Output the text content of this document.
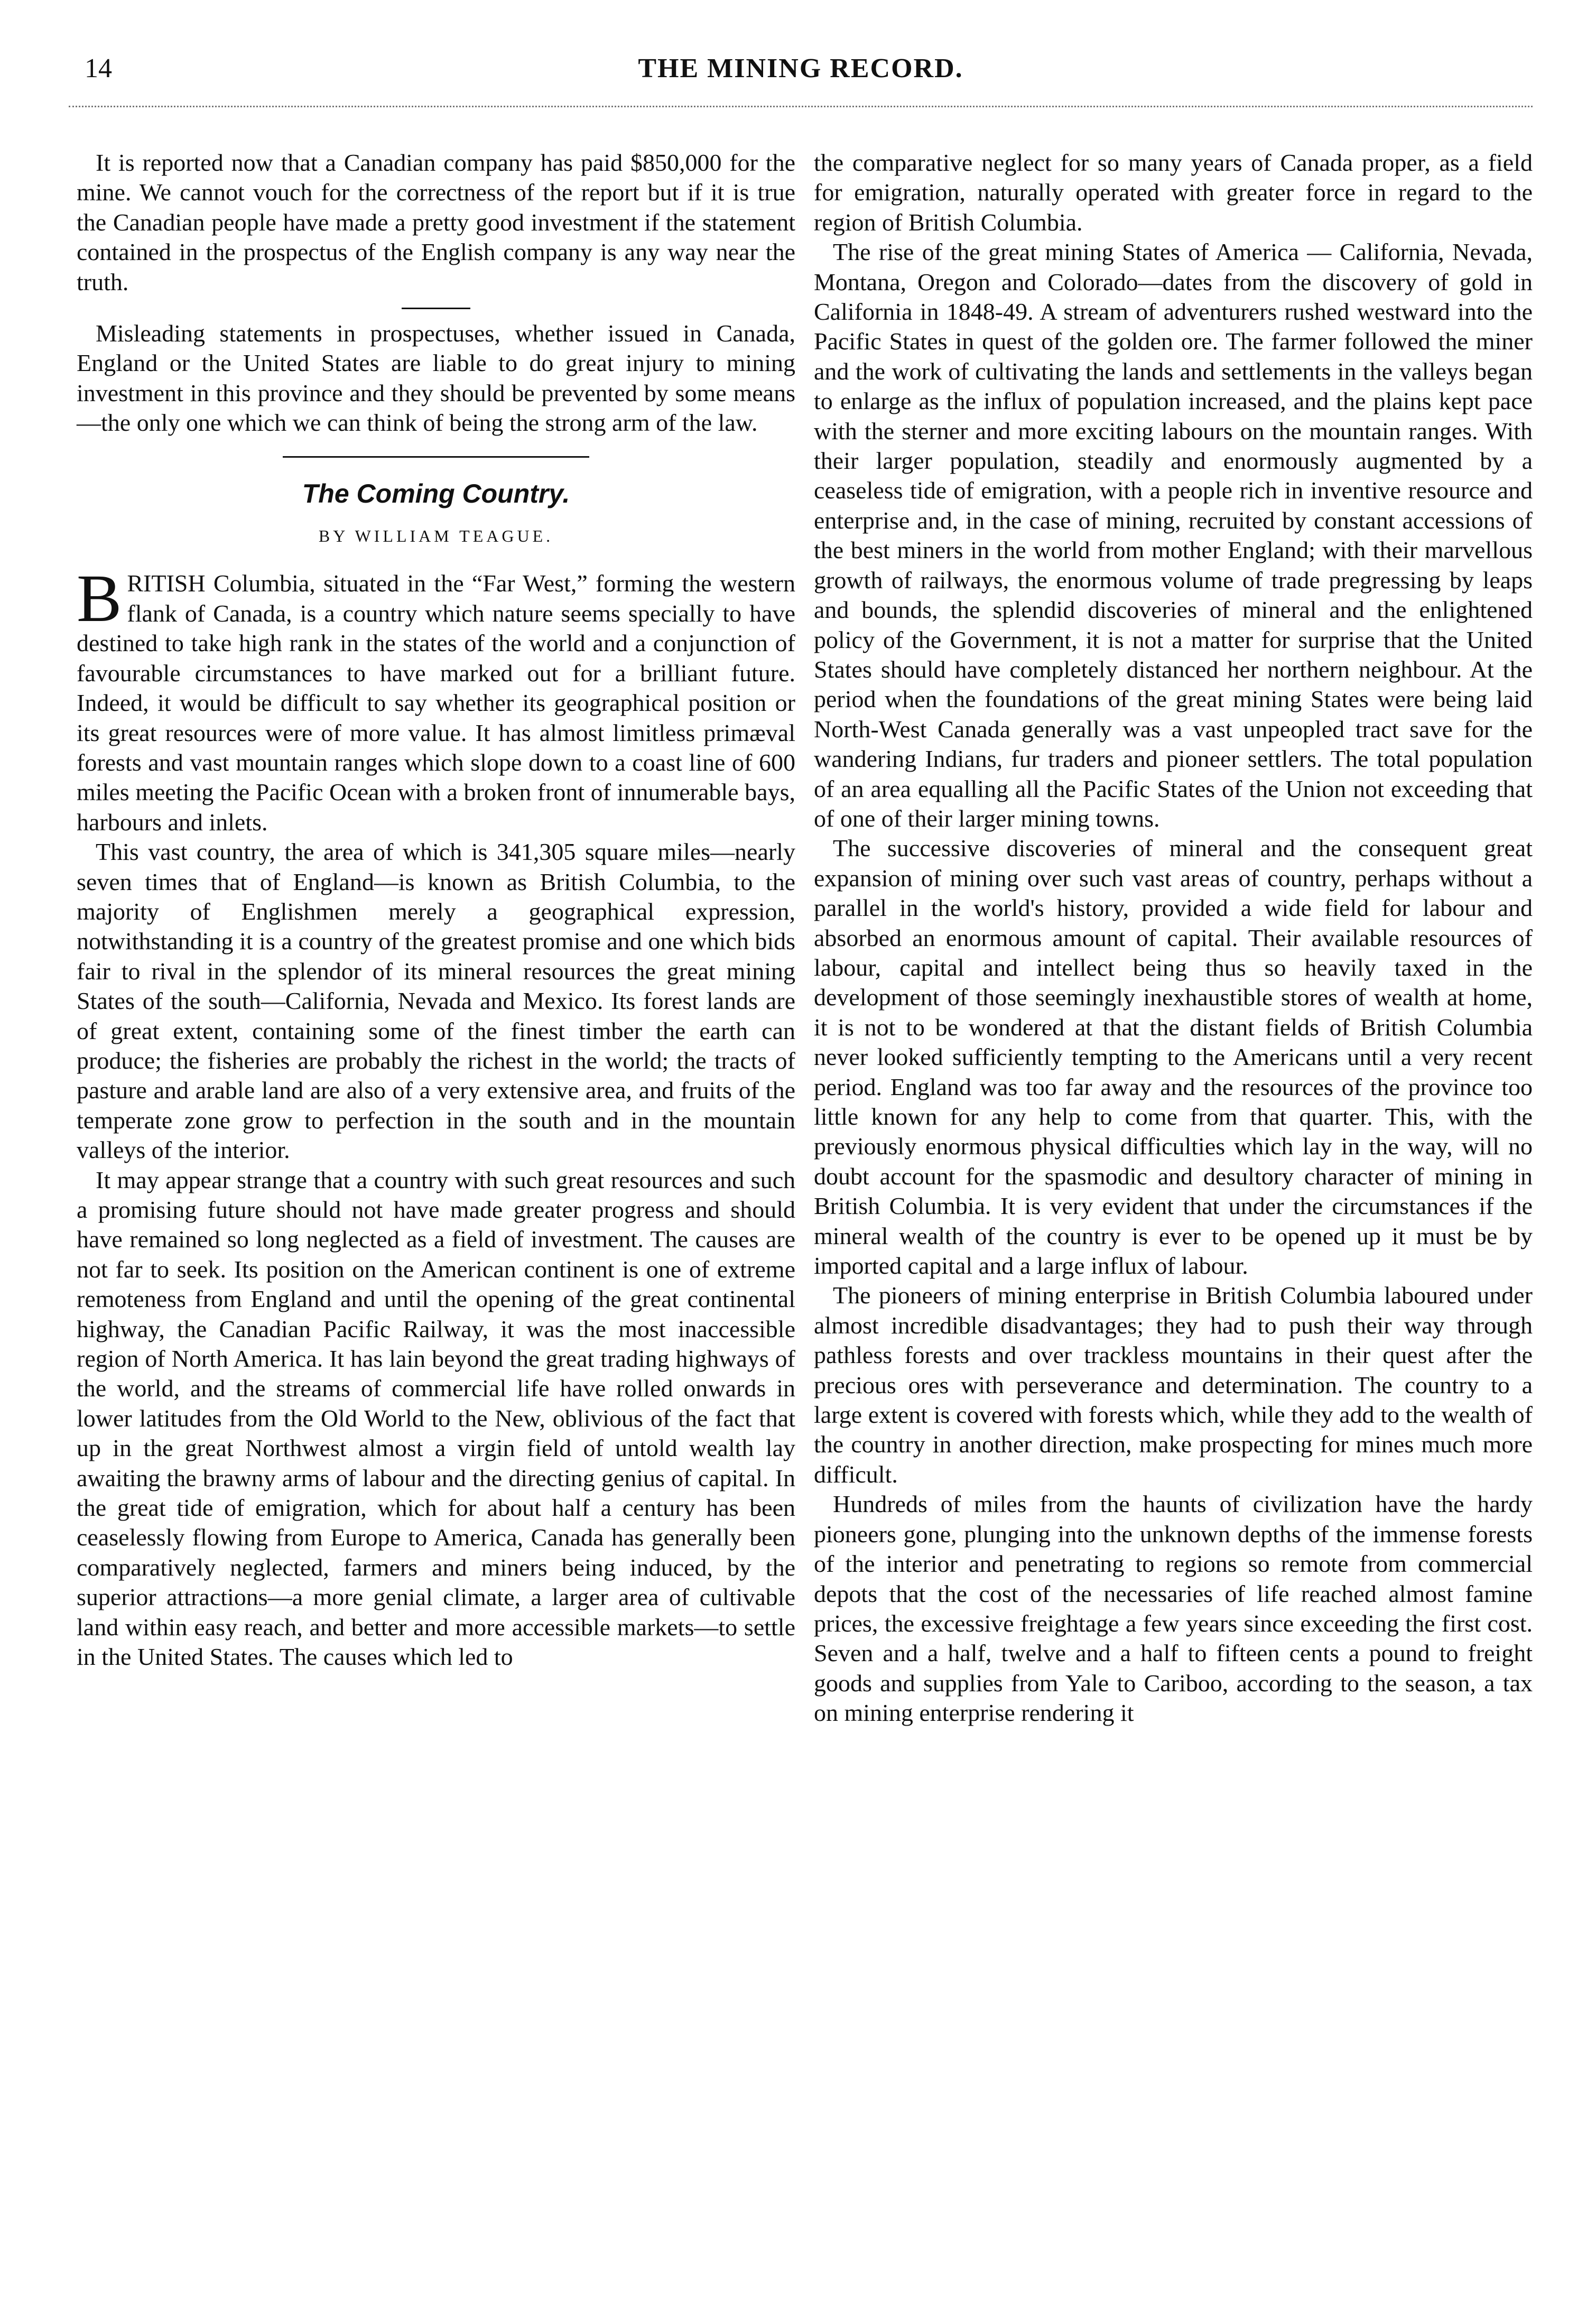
14	THE MINING RECORD.

It is reported now that a Canadian company has paid $850,000 for the mine. We cannot vouch for the correctness of the report but if it is true the Canadian people have made a pretty good investment if the statement contained in the prospectus of the English company is any way near the truth.

Misleading statements in prospectuses, whether issued in Canada, England or the United States are liable to do great injury to mining investment in this province and they should be prevented by some means—the only one which we can think of being the strong arm of the law.

The Coming Country.
BY WILLIAM TEAGUE.

BRITISH Columbia, situated in the “Far West,” forming the western flank of Canada, is a country which nature seems specially to have destined to take high rank in the states of the world and a conjunction of favourable circumstances to have marked out for a brilliant future. Indeed, it would be difficult to say whether its geographical position or its great resources were of more value. It has almost limitless primæval forests and vast mountain ranges which slope down to a coast line of 600 miles meeting the Pacific Ocean with a broken front of innumerable bays, harbours and inlets.

This vast country, the area of which is 341,305 square miles—nearly seven times that of England—is known as British Columbia, to the majority of Englishmen merely a geographical expression, notwithstanding it is a country of the greatest promise and one which bids fair to rival in the splendor of its mineral resources the great mining States of the south—California, Nevada and Mexico. Its forest lands are of great extent, containing some of the finest timber the earth can produce; the fisheries are probably the richest in the world; the tracts of pasture and arable land are also of a very extensive area, and fruits of the temperate zone grow to perfection in the south and in the mountain valleys of the interior.

It may appear strange that a country with such great resources and such a promising future should not have made greater progress and should have remained so long neglected as a field of investment. The causes are not far to seek. Its position on the American continent is one of extreme remoteness from England and until the opening of the great continental highway, the Canadian Pacific Railway, it was the most inaccessible region of North America. It has lain beyond the great trading highways of the world, and the streams of commercial life have rolled onwards in lower latitudes from the Old World to the New, oblivious of the fact that up in the great Northwest almost a virgin field of untold wealth lay awaiting the brawny arms of labour and the directing genius of capital. In the great tide of emigration, which for about half a century has been ceaselessly flowing from Europe to America, Canada has generally been comparatively neglected, farmers and miners being induced, by the superior attractions—a more genial climate, a larger area of cultivable land within easy reach, and better and more accessible markets—to settle in the United States. The causes which led to

the comparative neglect for so many years of Canada proper, as a field for emigration, naturally operated with greater force in regard to the region of British Columbia.

The rise of the great mining States of America — California, Nevada, Montana, Oregon and Colorado—dates from the discovery of gold in California in 1848-49. A stream of adventurers rushed westward into the Pacific States in quest of the golden ore. The farmer followed the miner and the work of cultivating the lands and settlements in the valleys began to enlarge as the influx of population increased, and the plains kept pace with the sterner and more exciting labours on the mountain ranges. With their larger population, steadily and enormously augmented by a ceaseless tide of emigration, with a people rich in inventive resource and enterprise and, in the case of mining, recruited by constant accessions of the best miners in the world from mother England; with their marvellous growth of railways, the enormous volume of trade pregressing by leaps and bounds, the splendid discoveries of mineral and the enlightened policy of the Government, it is not a matter for surprise that the United States should have completely distanced her northern neighbour. At the period when the foundations of the great mining States were being laid North-West Canada generally was a vast unpeopled tract save for the wandering Indians, fur traders and pioneer settlers. The total population of an area equalling all the Pacific States of the Union not exceeding that of one of their larger mining towns.

The successive discoveries of mineral and the consequent great expansion of mining over such vast areas of country, perhaps without a parallel in the world's history, provided a wide field for labour and absorbed an enormous amount of capital. Their available resources of labour, capital and intellect being thus so heavily taxed in the development of those seemingly inexhaustible stores of wealth at home, it is not to be wondered at that the distant fields of British Columbia never looked sufficiently tempting to the Americans until a very recent period. England was too far away and the resources of the province too little known for any help to come from that quarter. This, with the previously enormous physical difficulties which lay in the way, will no doubt account for the spasmodic and desultory character of mining in British Columbia. It is very evident that under the circumstances if the mineral wealth of the country is ever to be opened up it must be by imported capital and a large influx of labour.

The pioneers of mining enterprise in British Columbia laboured under almost incredible disadvantages; they had to push their way through pathless forests and over trackless mountains in their quest after the precious ores with perseverance and determination. The country to a large extent is covered with forests which, while they add to the wealth of the country in another direction, make prospecting for mines much more difficult.

Hundreds of miles from the haunts of civilization have the hardy pioneers gone, plunging into the unknown depths of the immense forests of the interior and penetrating to regions so remote from commercial depots that the cost of the necessaries of life reached almost famine prices, the excessive freightage a few years since exceeding the first cost. Seven and a half, twelve and a half to fifteen cents a pound to freight goods and supplies from Yale to Cariboo, according to the season, a tax on mining enterprise rendering it
